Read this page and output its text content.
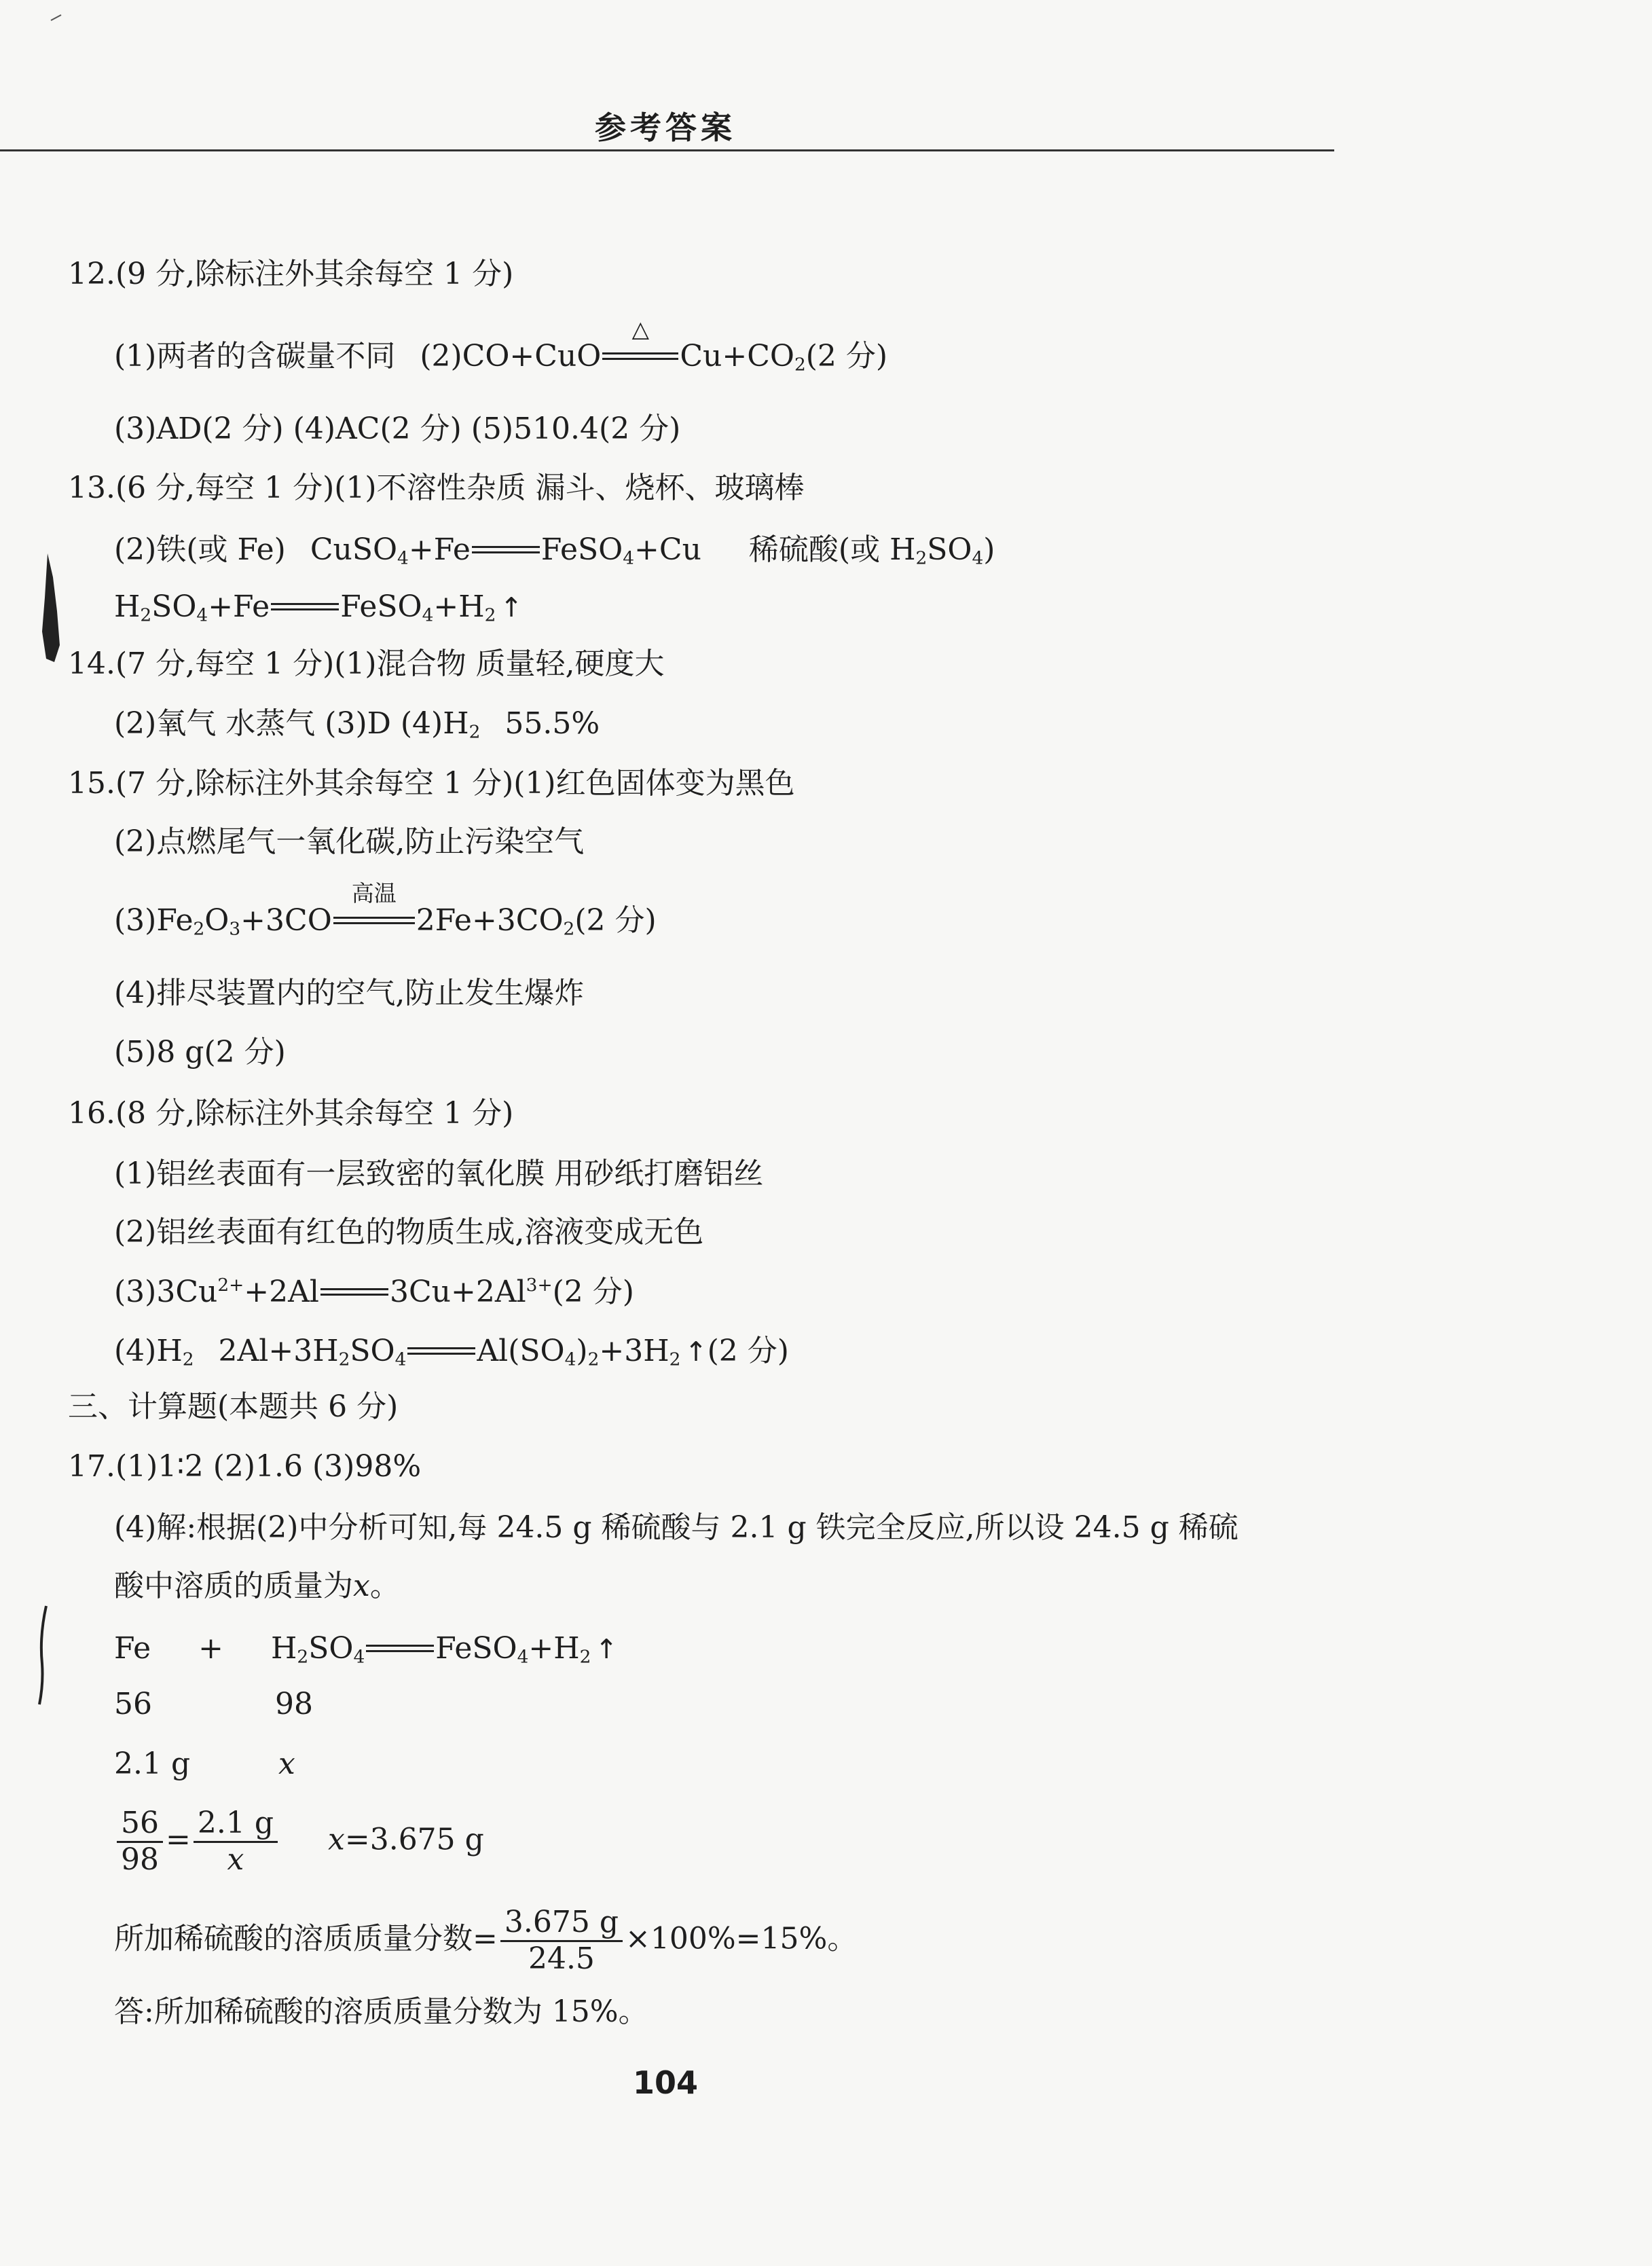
参考答案
12.(9 分,除标注外其余每空 1 分)
(1)两者的含碳量不同 (2)CO+CuO
△
$Cu+CO_2(2$ 分)
(3)AD(2 分) (4)AC(2 分) (5)510.4(2 分)
13.(6 分,每空 1 分)(1)不溶性杂质 漏斗、烧杯、玻璃棒
(2)铁(或 Fe) CuSO$_4$+Fe FeSO$_4$+Cu 稀硫酸(或 $H_2SO_4$)
$H_2SO_4+Fe$ $FeSO_4+H_2$ ↑
14.(7 分,每空 1 分)(1)混合物 质量轻,硬度大
(2)氧气 水蒸气 (3)D $(4)H_2$ 55.5%
15.(7 分,除标注外其余每空 1 分)(1)红色固体变为黑色
(2)点燃尾气一氧化碳,防止污染空气
$(3)Fe_2O_3+3CO$
高温
$2Fe+3CO_2(2$ 分)
(4)排尽装置内的空气,防止发生爆炸
(5)8 g(2 分)
16.(8 分,除标注外其余每空 1 分)
(1)铝丝表面有一层致密的氧化膜 用砂纸打磨铝丝
(2)铝丝表面有红色的物质生成,溶液变成无色
$(3)3Cu^{2+}+2Al$ $3Cu+2Al^{3+}(2$ 分)
$(4)H_2$ $2Al+3H_2SO_4$ $Al(SO_4)_2+3H_2$ ↑(2 分)
三、计算题(本题共 6 分)
17.(1)1∶2 (2)1.6 (3)98%
(4)解:根据(2)中分析可知,每 24.5 g 稀硫酸与 2.1 g 铁完全反应,所以设 24.5 g 稀硫
酸中溶质的质量为x。
$Fe + H_2SO_4$ $FeSO_4+H_2$ ↑
56	98
2.1 g	x
$\frac{56}{98} = \frac{2.1 g}{x} x=3.675$ g
所加稀硫酸的溶质质量分数= $\frac{3.675 g}{24.5} \times 100\%=15\%$。
答:所加稀硫酸的溶质质量分数为 15%。
104
